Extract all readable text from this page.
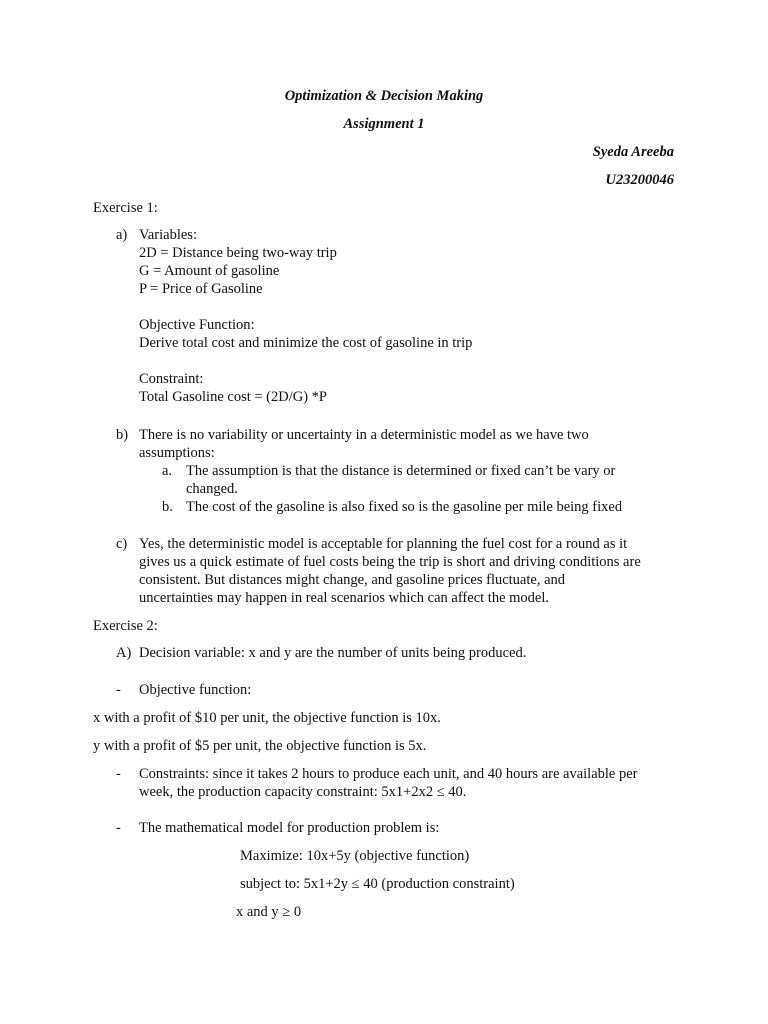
Optimization & Decision Making
Assignment 1
Syeda Areeba
U23200046
Exercise 1:
a) Variables:
2D = Distance being two-way trip
G = Amount of gasoline
P = Price of Gasoline
Objective Function:
Derive total cost and minimize the cost of gasoline in trip
Constraint:
Total Gasoline cost = (2D/G) *P
b) There is no variability or uncertainty in a deterministic model as we have two
assumptions:
a. The assumption is that the distance is determined or fixed can’t be vary or
changed.
b. The cost of the gasoline is also fixed so is the gasoline per mile being fixed
c) Yes, the deterministic model is acceptable for planning the fuel cost for a round as it
gives us a quick estimate of fuel costs being the trip is short and driving conditions are
consistent. But distances might change, and gasoline prices fluctuate, and
uncertainties may happen in real scenarios which can affect the model.
Exercise 2:
A) Decision variable: x and y are the number of units being produced.
- Objective function:
x with a profit of $10 per unit, the objective function is 10x.
y with a profit of $5 per unit, the objective function is 5x.
- Constraints: since it takes 2 hours to produce each unit, and 40 hours are available per
week, the production capacity constraint: 5x1+2x2 ≤ 40.
- The mathematical model for production problem is:
Maximize: 10x+5y (objective function)
subject to: 5x1+2y ≤ 40 (production constraint)
x and y ≥ 0
